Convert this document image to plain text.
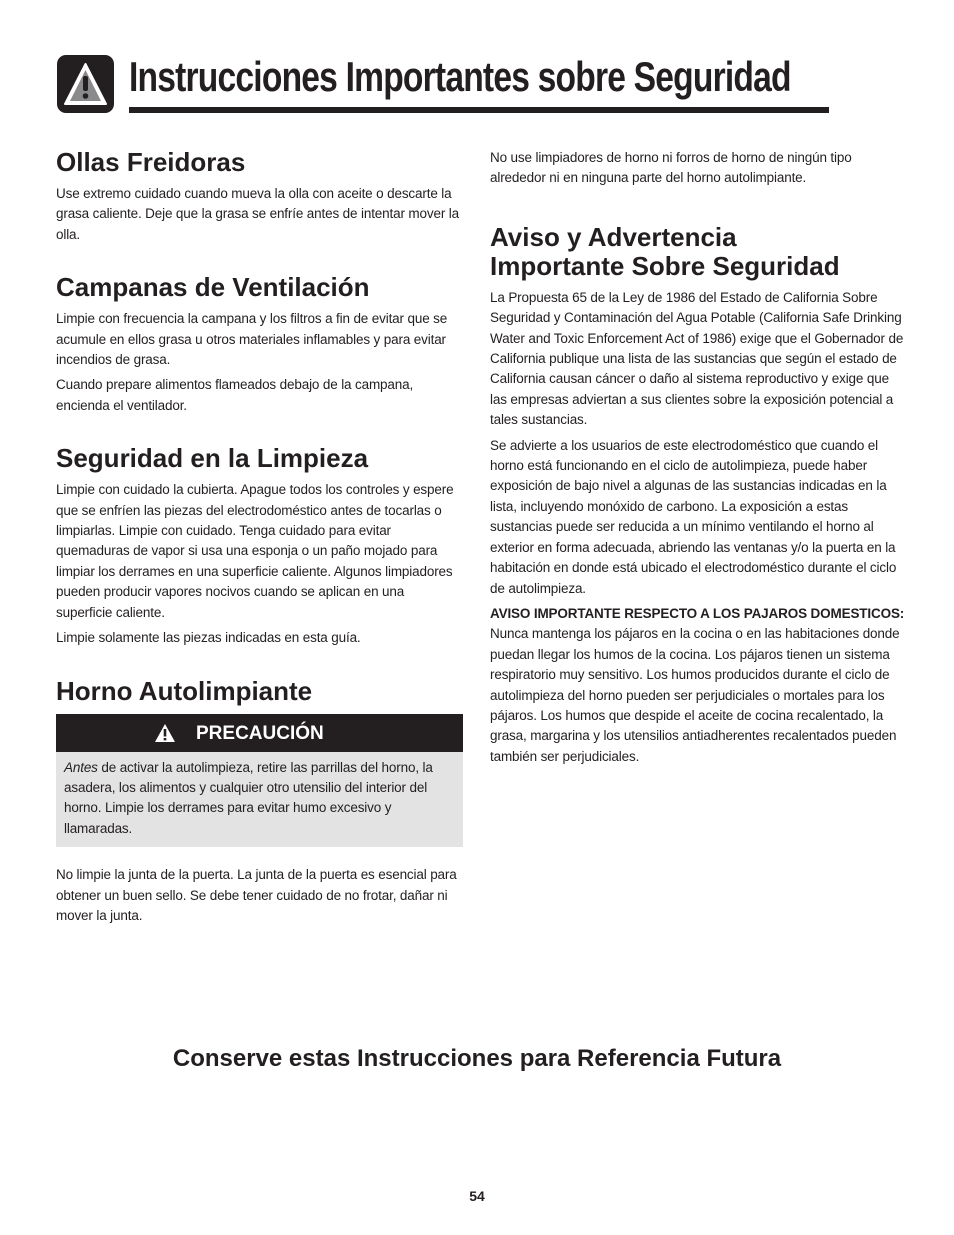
Instrucciones Importantes sobre Seguridad
Ollas Freidoras

Use extremo cuidado cuando mueva la olla con aceite o descarte la grasa caliente. Deje que la grasa se enfríe antes de intentar mover la olla.

Campanas de Ventilación

Limpie con frecuencia la campana y los filtros a fin de evitar que se acumule en ellos grasa u otros materiales inflamables y para evitar incendios de grasa.

Cuando prepare alimentos flameados debajo de la campana, encienda el ventilador.

Seguridad en la Limpieza

Limpie con cuidado la cubierta. Apague todos los controles y espere que se enfríen las piezas del electrodoméstico antes de tocarlas o limpiarlas. Limpie con cuidado. Tenga cuidado para evitar quemaduras de vapor si usa una esponja o un paño mojado para limpiar los derrames en una superficie caliente. Algunos limpiadores pueden producir vapores nocivos cuando se aplican en una superficie caliente.

Limpie solamente las piezas indicadas en esta guía.

Horno Autolimpiante
PRECAUCIÓN

Antes de activar la autolimpieza, retire las parrillas del horno, la asadera, los alimentos y cualquier otro utensilio del interior del horno. Limpie los derrames para evitar humo excesivo y llamaradas.

No limpie la junta de la puerta. La junta de la puerta es esencial para obtener un buen sello. Se debe tener cuidado de no frotar, dañar ni mover la junta.

No use limpiadores de horno ni forros de horno de ningún tipo alrededor ni en ninguna parte del horno autolimpiante.

Aviso y Advertencia
Importante Sobre Seguridad

La Propuesta 65 de la Ley de 1986 del Estado de California Sobre Seguridad y Contaminación del Agua Potable (California Safe Drinking Water and Toxic Enforcement Act of 1986) exige que el Gobernador de California publique una lista de las sustancias que según el estado de California causan cáncer o daño al sistema reproductivo y exige que las empresas adviertan a sus clientes sobre la exposición potencial a tales sustancias.

Se advierte a los usuarios de este electrodoméstico que cuando el horno está funcionando en el ciclo de autolimpieza, puede haber exposición de bajo nivel a algunas de las sustancias indicadas en la lista, incluyendo monóxido de carbono. La exposición a estas sustancias puede ser reducida a un mínimo ventilando el horno al exterior en forma adecuada, abriendo las ventanas y/o la puerta en la habitación en donde está ubicado el electrodoméstico durante el ciclo de autolimpieza.

AVISO IMPORTANTE RESPECTO A LOS PAJAROS DOMESTICOS: Nunca mantenga los pájaros en la cocina o en las habitaciones donde puedan llegar los humos de la cocina. Los pájaros tienen un sistema respiratorio muy sensitivo. Los humos producidos durante el ciclo de autolimpieza del horno pueden ser perjudiciales o mortales para los pájaros. Los humos que despide el aceite de cocina recalentado, la grasa, margarina y los utensilios antiadherentes recalentados pueden también ser perjudiciales.

Conserve estas Instrucciones para Referencia Futura
54
